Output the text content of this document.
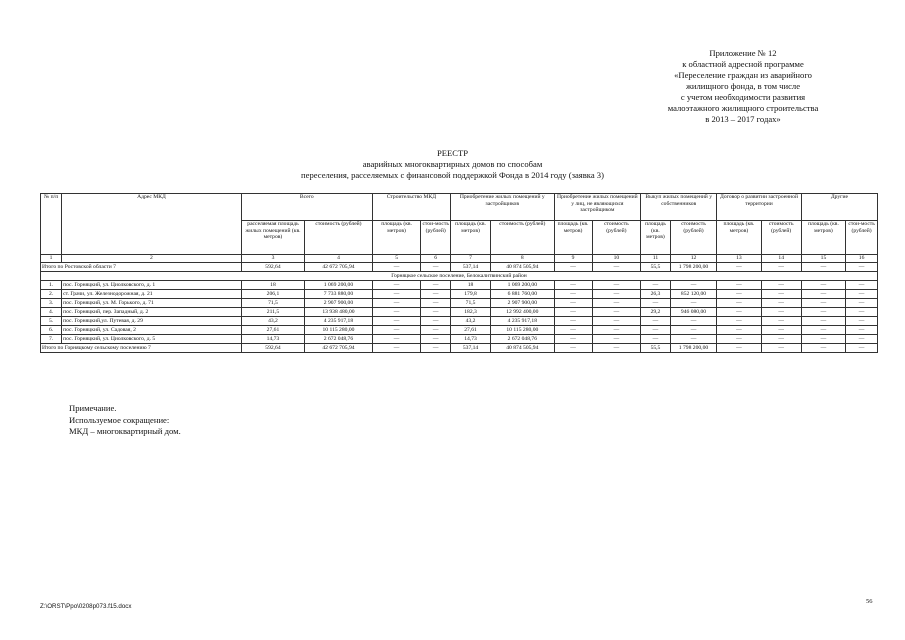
Приложение № 12
к областной адресной программе
«Переселение граждан из аварийного
жилищного фонда, в том числе
с учетом необходимости развития
малоэтажного жилищного строительства
в 2013 – 2017 годах»
РЕЕСТР
аварийных многоквартирных домов по способам
переселения, расселяемых с финансовой поддержкой Фонда в 2014 году (заявка 3)
№ п/п	Адрес МКД	Всего		Строительство МКД		Приобретение жилых помещений у застройщиков		Приобретение жилых помещений у лиц, не являющихся застройщиком		Выкуп жилых помещений у собственников		Договор о развитии застроенной территории		Другие	
		расселяемая площадь жилых помещений (кв. метров)	стоимость (рублей)	площадь (кв. метров)	стои-мость (рублей)	площадь (кв. метров)	стоимость (рублей)	площадь (кв. метров)	стоимость (рублей)	площадь (кв. метров)	стоимость (рублей)	площадь (кв. метров)	стоимость (рублей)	площадь (кв. метров)	стои-мость (рублей)
1	2	3	4	5	6	7	8	9	10	11	12	13	14	15	16
Итого по Ростовской области 7		592,64	42 672 705,94	—	—	537,14	40 874 505,94	—	—	55,5	1 798 200,00	—	—	—	—
Горняцкое сельское поселение, Белокалитвинский район															
1.	пос. Горняцкий, ул. Циолковского, д. 1	18	1 069 200,00	—	—	18	1 069 200,00	—	—	—	—	—	—	—	—
2.	ст. Грачи, ул. Железнодорожная, д. 21	206,1	7 733 880,00	—	—	179,8	6 881 760,00	—	—	26,3	852 120,00	—	—	—	—
3.	пос. Горняцкий, ул. М. Горького, д. 71	71,5	2 907 900,00	—	—	71,5	2 907 900,00	—	—	—	—	—	—	—	—
4.	пос. Горняцкий, пер. Западный, д. 2	211,5	13 938 480,00	—	—	182,3	12 992 400,00	—	—	29,2	946 080,00	—	—	—	—
5.	пос. Горняцкий,ул. Путевая, д. 29	43,2	4 235 917,18	—	—	43,2	4 235 917,18	—	—	—	—	—	—	—	—
6.	пос. Горняцкий, ул. Садовая, 2	27,61	10 115 280,00	—	—	27,61	10 115 280,00	—	—	—	—	—	—	—	—
7.	пос. Горняцкий, ул. Циолковского, д. 5	14,73	2 672 048,76	—	—	14,73	2 672 048,76	—	—	—	—	—	—	—	—
Итого по Горняцкому сельскому поселению 7		592,64	42 672 705,94	—	—	537,14	40 874 505,94	—	—	55,5	1 798 200,00	—	—	—	—
Примечание.
Используемое сокращение:
МКД – многоквартирный дом.
56
Z:\ORST\Ppo\0208p073.f15.docx
